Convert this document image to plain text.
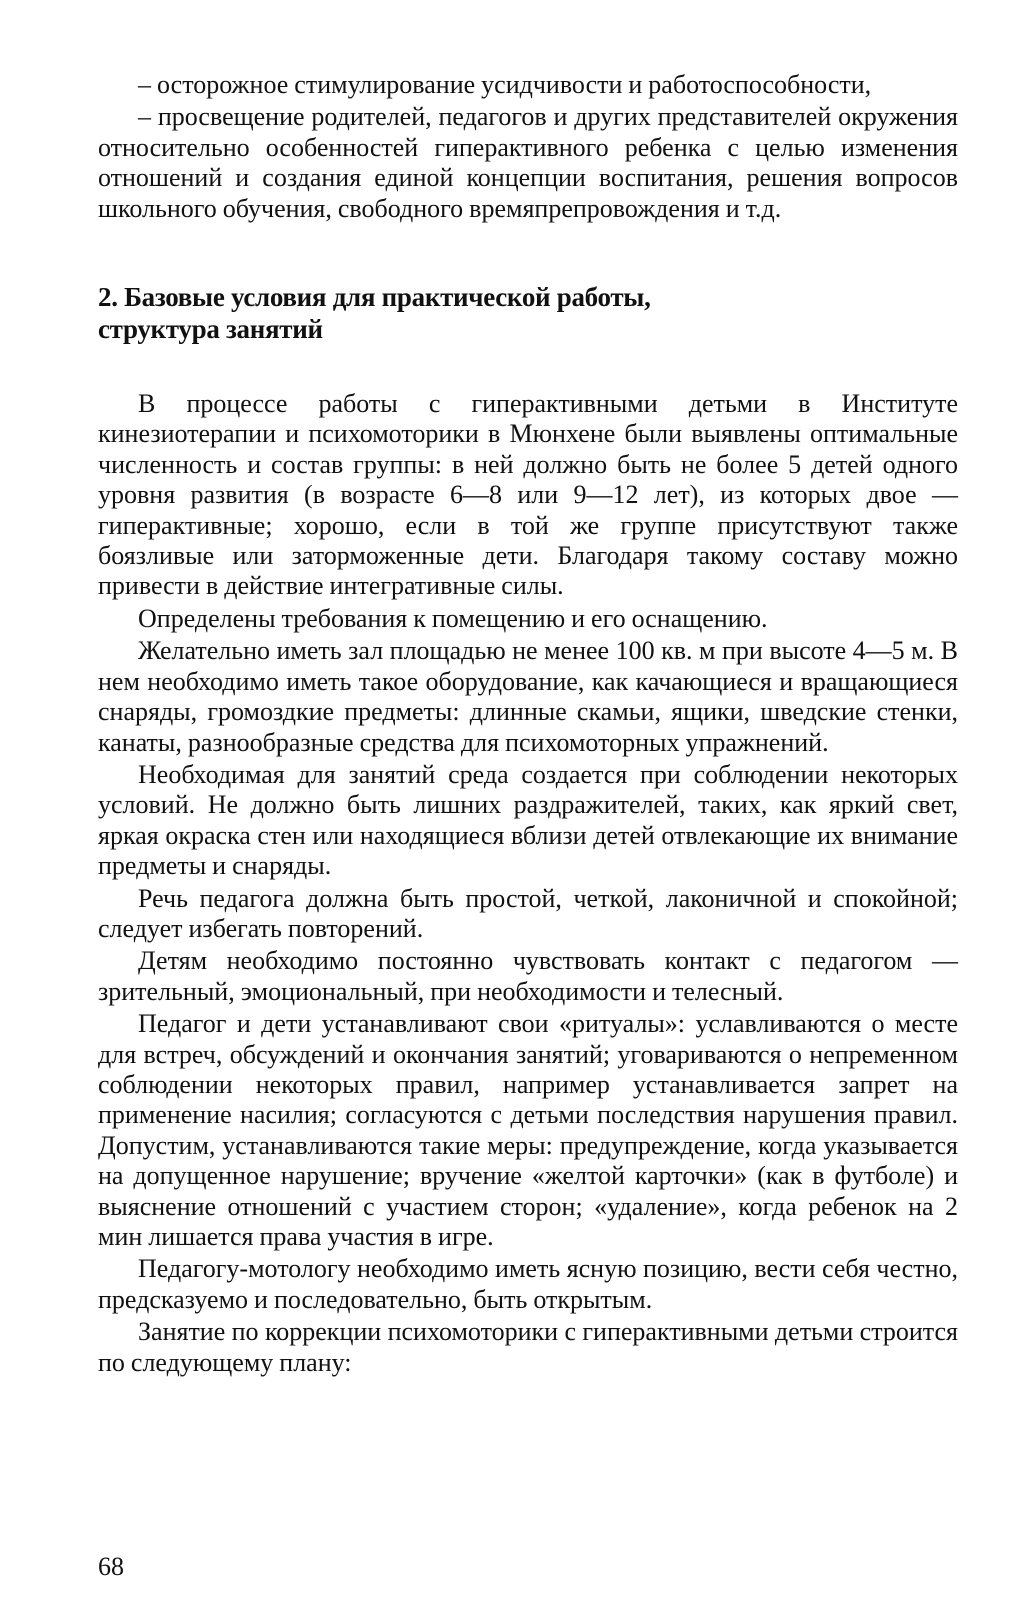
– осторожное стимулирование усидчивости и работоспособности,

– просвещение родителей, педагогов и других представителей окружения относительно особенностей гиперактивного ребенка с целью изменения отношений и создания единой концепции воспитания, решения вопросов школьного обучения, свободного времяпрепровождения и т.д.

2. Базовые условия для практической работы,
структура занятий

В процессе работы с гиперактивными детьми в Институте кинезиотерапии и психомоторики в Мюнхене были выявлены оптимальные численность и состав группы: в ней должно быть не более 5 детей одного уровня развития (в возрасте 6—8 или 9—12 лет), из которых двое — гиперактивные; хорошо, если в той же группе присутствуют также боязливые или заторможенные дети. Благодаря такому составу можно привести в действие интегративные силы.

Определены требования к помещению и его оснащению.

Желательно иметь зал площадью не менее 100 кв. м при высоте 4—5 м. В нем необходимо иметь такое оборудование, как качающиеся и вращающиеся снаряды, громоздкие предметы: длинные скамьи, ящики, шведские стенки, канаты, разнообразные средства для психомоторных упражнений.

Необходимая для занятий среда создается при соблюдении некоторых условий. Не должно быть лишних раздражителей, таких, как яркий свет, яркая окраска стен или находящиеся вблизи детей отвлекающие их внимание предметы и снаряды.

Речь педагога должна быть простой, четкой, лаконичной и спокойной; следует избегать повторений.

Детям необходимо постоянно чувствовать контакт с педагогом — зрительный, эмоциональный, при необходимости и телесный.

Педагог и дети устанавливают свои «ритуалы»: уславливаются о месте для встреч, обсуждений и окончания занятий; уговариваются о непременном соблюдении некоторых правил, например устанавливается запрет на применение насилия; согласуются с детьми последствия нарушения правил. Допустим, устанавливаются такие меры: предупреждение, когда указывается на допущенное нарушение; вручение «желтой карточки» (как в футболе) и выяснение отношений с участием сторон; «удаление», когда ребенок на 2 мин лишается права участия в игре.

Педагогу-мотологу необходимо иметь ясную позицию, вести себя честно, предсказуемо и последовательно, быть открытым.

Занятие по коррекции психомоторики с гиперактивными детьми строится по следующему плану:

68
